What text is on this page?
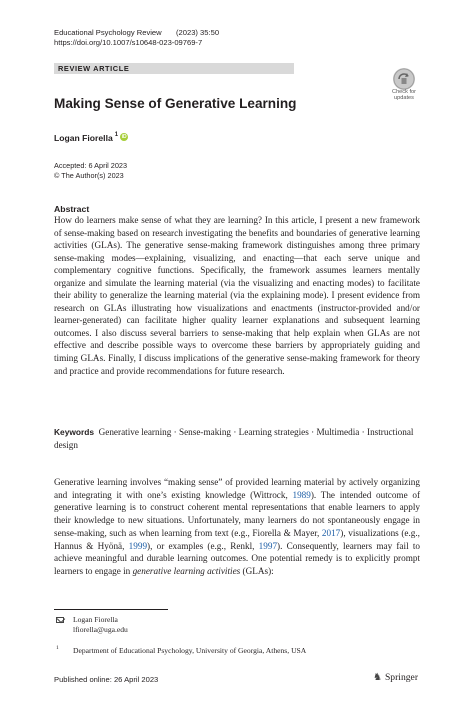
Educational Psychology Review (2023) 35:50
https://doi.org/10.1007/s10648-023-09769-7
REVIEW ARTICLE
Check for updates
Making Sense of Generative Learning
Logan Fiorella $^1$ iD
Accepted: 6 April 2023
© The Author(s) 2023
Abstract

How do learners make sense of what they are learning? In this article, I present a new framework of sense-making based on research investigating the benefits and boundaries of generative learning activities (GLAs). The generative sense-making framework distinguishes among three primary sense-making modes—explaining, visualizing, and enacting—that each serve unique and complementary cognitive functions. Specifically, the framework assumes learners mentally organize and simulate the learning material (via the visualizing and enacting modes) to facilitate their ability to generalize the learning material (via the explaining mode). I present evidence from research on GLAs illustrating how visualizations and enactments (instructor-provided and/or learner-generated) can facilitate higher quality learner explanations and subsequent learning outcomes. I also discuss several barriers to sense-making that help explain when GLAs are not effective and describe possible ways to overcome these barriers by appropriately guiding and timing GLAs. Finally, I discuss implications of the generative sense-making framework for theory and practice and provide recommendations for future research.

Keywords Generative learning · Sense-making · Learning strategies · Multimedia · Instructional design

Generative learning involves “making sense” of provided learning material by actively organizing and integrating it with one’s existing knowledge (Wittrock, 1989). The intended outcome of generative learning is to construct coherent mental representations that enable learners to apply their knowledge to new situations. Unfortunately, many learners do not spontaneously engage in sense-making, such as when learning from text (e.g., Fiorella & Mayer, 2017), visualizations (e.g., Hannus & Hyönä, 1999), or examples (e.g., Renkl, 1997). Consequently, learners may fail to achieve meaningful and durable learning outcomes. One potential remedy is to explicitly prompt learners to engage in generative learning activities (GLAs):

Logan Fiorella
lfiorella@uga.edu
1 Department of Educational Psychology, University of Georgia, Athens, USA
Published online: 26 April 2023	♞ Springer
